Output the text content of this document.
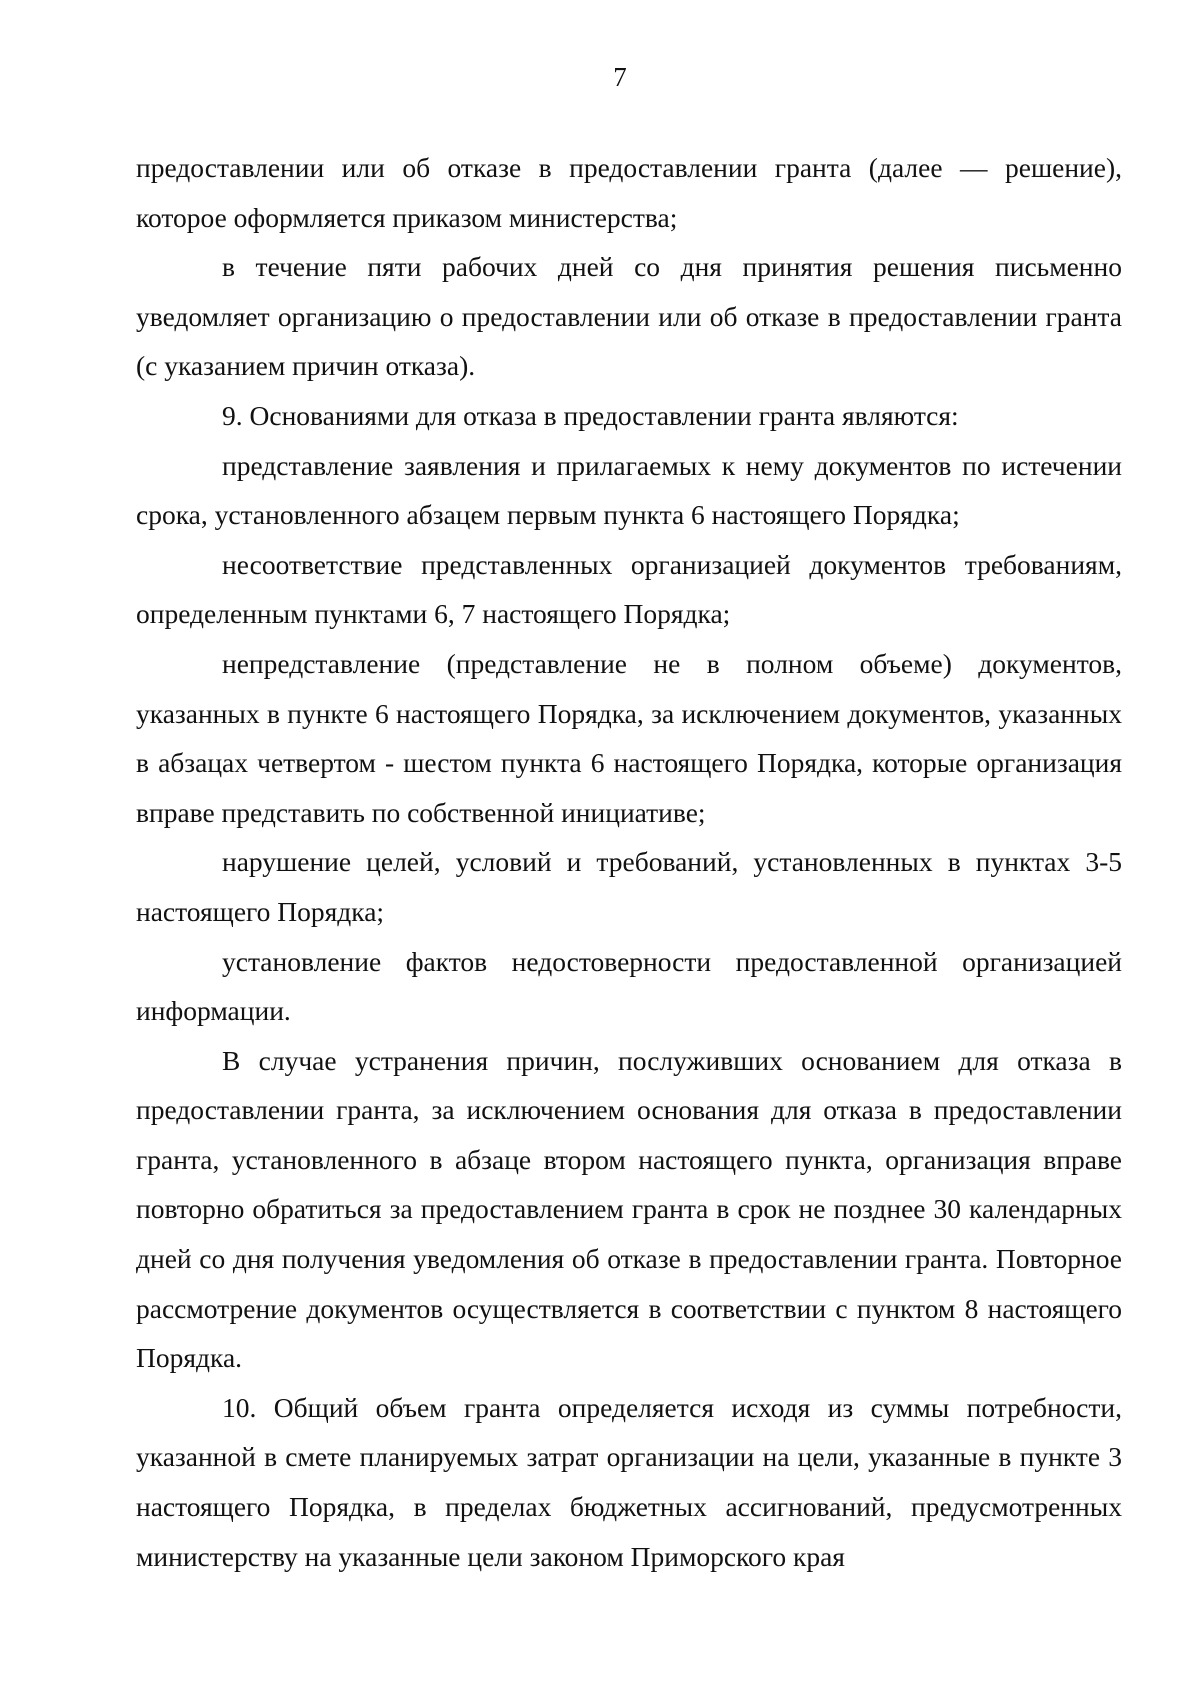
7

предоставлении или об отказе в предоставлении гранта (далее — решение), которое оформляется приказом министерства;

в течение пяти рабочих дней со дня принятия решения письменно уведомляет организацию о предоставлении или об отказе в предоставлении гранта (с указанием причин отказа).

9. Основаниями для отказа в предоставлении гранта являются:

представление заявления и прилагаемых к нему документов по истечении срока, установленного абзацем первым пункта 6 настоящего Порядка;

несоответствие представленных организацией документов требованиям, определенным пунктами 6, 7 настоящего Порядка;

непредставление (представление не в полном объеме) документов, указанных в пункте 6 настоящего Порядка, за исключением документов, указанных в абзацах четвертом - шестом пункта 6 настоящего Порядка, которые организация вправе представить по собственной инициативе;

нарушение целей, условий и требований, установленных в пунктах 3-5 настоящего Порядка;

установление фактов недостоверности предоставленной организацией информации.

В случае устранения причин, послуживших основанием для отказа в предоставлении гранта, за исключением основания для отказа в предоставлении гранта, установленного в абзаце втором настоящего пункта, организация вправе повторно обратиться за предоставлением гранта в срок не позднее 30 календарных дней со дня получения уведомления об отказе в предоставлении гранта. Повторное рассмотрение документов осуществляется в соответствии с пунктом 8 настоящего Порядка.

10. Общий объем гранта определяется исходя из суммы потребности, указанной в смете планируемых затрат организации на цели, указанные в пункте 3 настоящего Порядка, в пределах бюджетных ассигнований, предусмотренных министерству на указанные цели законом Приморского края
